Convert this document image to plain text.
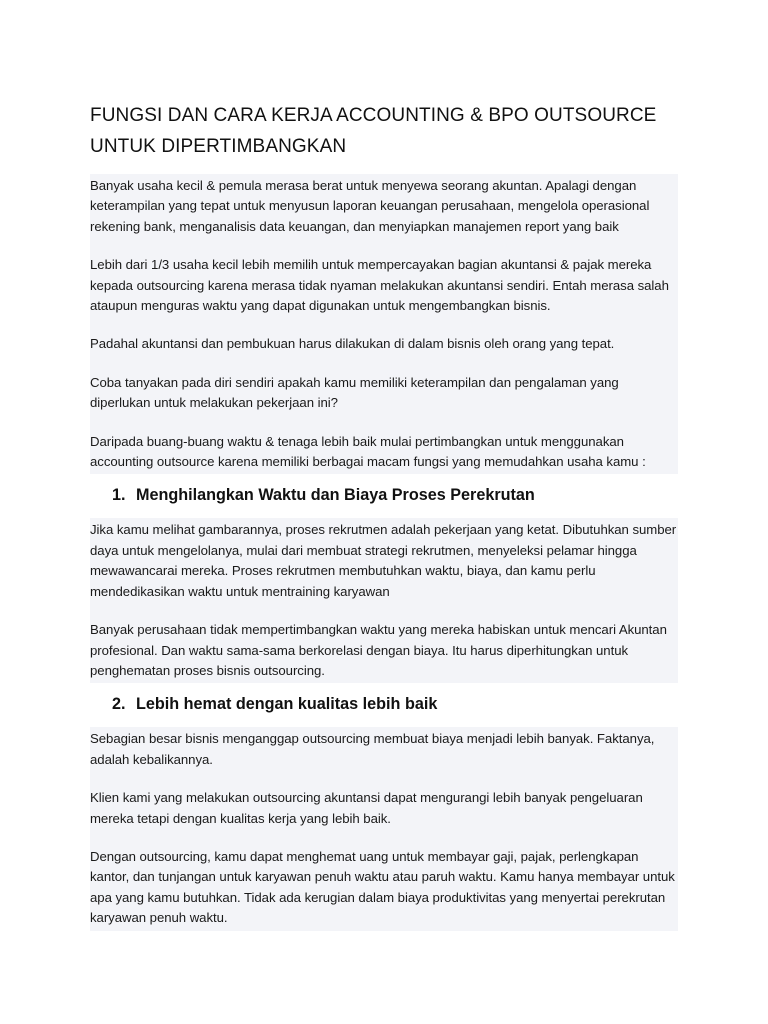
FUNGSI DAN CARA KERJA ACCOUNTING & BPO OUTSOURCE UNTUK DIPERTIMBANGKAN

Banyak usaha kecil & pemula merasa berat untuk menyewa seorang akuntan. Apalagi dengan keterampilan yang tepat untuk menyusun laporan keuangan perusahaan, mengelola operasional rekening bank, menganalisis data keuangan, dan menyiapkan manajemen report yang baik

Lebih dari 1/3 usaha kecil lebih memilih untuk mempercayakan bagian akuntansi & pajak mereka kepada outsourcing karena merasa tidak nyaman melakukan akuntansi sendiri. Entah merasa salah ataupun menguras waktu yang dapat digunakan untuk mengembangkan bisnis.

Padahal akuntansi dan pembukuan harus dilakukan di dalam bisnis oleh orang yang tepat.

Coba tanyakan pada diri sendiri apakah kamu memiliki keterampilan dan pengalaman yang diperlukan untuk melakukan pekerjaan ini?

Daripada buang-buang waktu & tenaga lebih baik mulai pertimbangkan untuk menggunakan accounting outsource karena memiliki berbagai macam fungsi yang memudahkan usaha kamu :

1. Menghilangkan Waktu dan Biaya Proses Perekrutan

Jika kamu melihat gambarannya, proses rekrutmen adalah pekerjaan yang ketat. Dibutuhkan sumber daya untuk mengelolanya, mulai dari membuat strategi rekrutmen, menyeleksi pelamar hingga mewawancarai mereka. Proses rekrutmen membutuhkan waktu, biaya, dan kamu perlu mendedikasikan waktu untuk mentraining karyawan

Banyak perusahaan tidak mempertimbangkan waktu yang mereka habiskan untuk mencari Akuntan profesional. Dan waktu sama-sama berkorelasi dengan biaya. Itu harus diperhitungkan untuk penghematan proses bisnis outsourcing.

2. Lebih hemat dengan kualitas lebih baik

Sebagian besar bisnis menganggap outsourcing membuat biaya menjadi lebih banyak. Faktanya, adalah kebalikannya.

Klien kami yang melakukan outsourcing akuntansi dapat mengurangi lebih banyak pengeluaran mereka tetapi dengan kualitas kerja yang lebih baik.

Dengan outsourcing, kamu dapat menghemat uang untuk membayar gaji, pajak, perlengkapan kantor, dan tunjangan untuk karyawan penuh waktu atau paruh waktu. Kamu hanya membayar untuk apa yang kamu butuhkan. Tidak ada kerugian dalam biaya produktivitas yang menyertai perekrutan karyawan penuh waktu.
